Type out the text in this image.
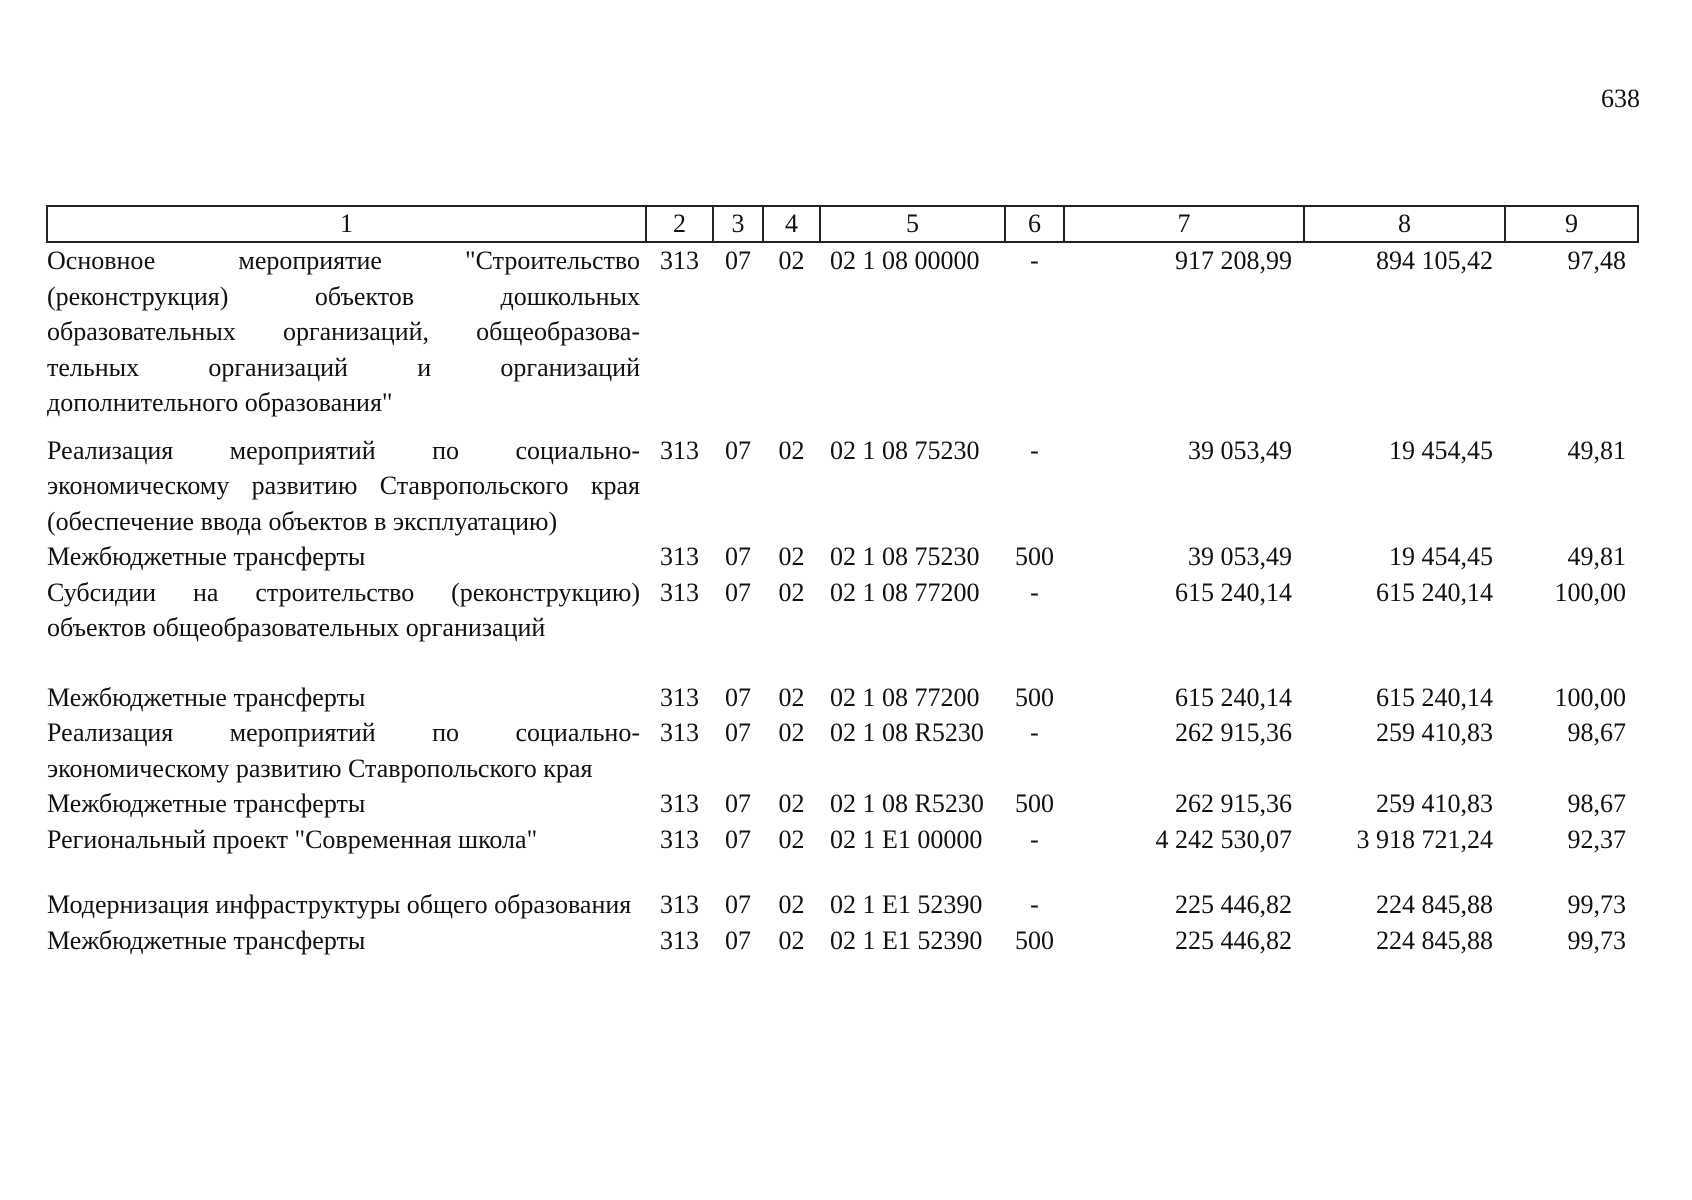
638
1	2	3	4	5	6	7	8	9
Основное мероприятие "Строительство (реконструкция) объектов дошкольных образовательных организаций, общеобразова-тельных организаций и организаций дополнительного образования"	313	07	02	02 1 08 00000	-	917 208,99	894 105,42	97,48
Реализация мероприятий по социально-экономическому развитию Ставропольского края (обеспечение ввода объектов в эксплуатацию)	313	07	02	02 1 08 75230	-	39 053,49	19 454,45	49,81
Межбюджетные трансферты	313	07	02	02 1 08 75230	500	39 053,49	19 454,45	49,81
Субсидии на строительство (реконструкцию) объектов общеобразовательных организаций	313	07	02	02 1 08 77200	-	615 240,14	615 240,14	100,00
Межбюджетные трансферты	313	07	02	02 1 08 77200	500	615 240,14	615 240,14	100,00
Реализация мероприятий по социально-экономическому развитию Ставропольского края	313	07	02	02 1 08 R5230	-	262 915,36	259 410,83	98,67
Межбюджетные трансферты	313	07	02	02 1 08 R5230	500	262 915,36	259 410,83	98,67
Региональный проект "Современная школа"	313	07	02	02 1 E1 00000	-	4 242 530,07	3 918 721,24	92,37
Модернизация инфраструктуры общего образования	313	07	02	02 1 E1 52390	-	225 446,82	224 845,88	99,73
Межбюджетные трансферты	313	07	02	02 1 E1 52390	500	225 446,82	224 845,88	99,73
